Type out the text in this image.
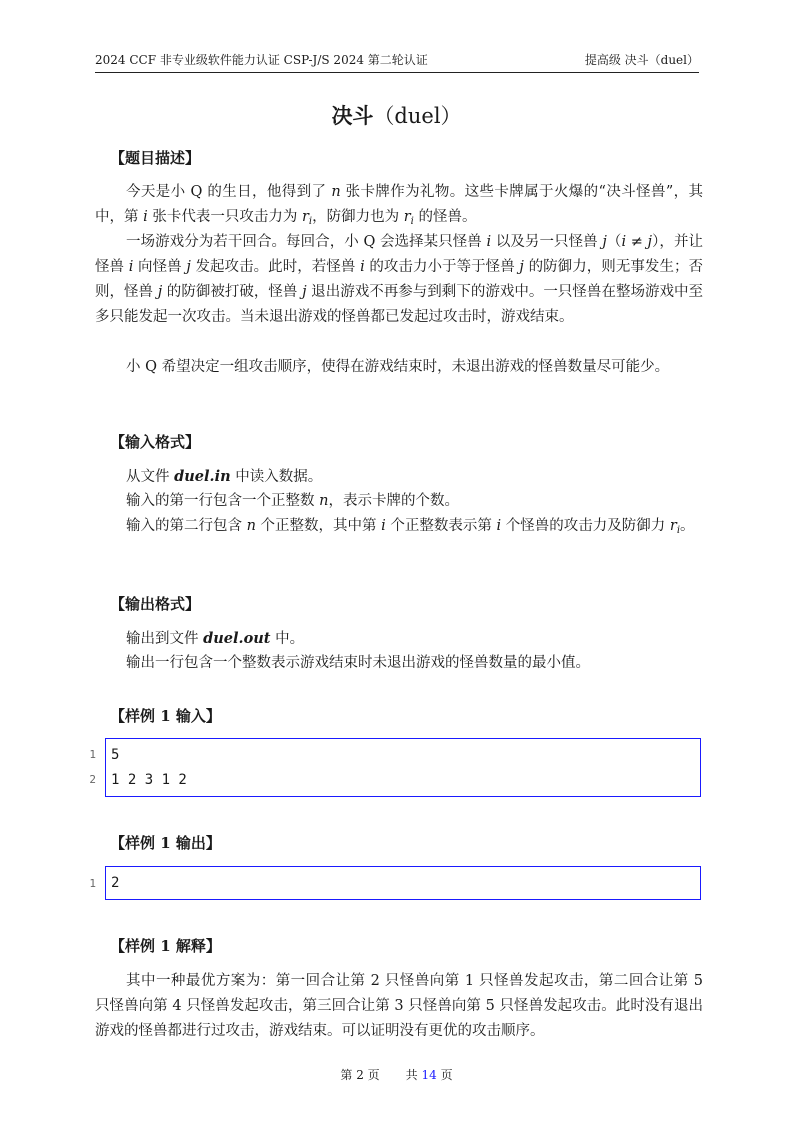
2024 CCF 非专业级软件能力认证 CSP-J/S 2024 第二轮认证	提高级 决斗（duel）
决斗（duel）
【题目描述】
今天是小 Q 的生日，他得到了 n 张卡牌作为礼物。这些卡牌属于火爆的“决斗怪兽”，其中，第 i 张卡代表一只攻击力为 $r_i$，防御力也为 $r_i$ 的怪兽。
一场游戏分为若干回合。每回合，小 Q 会选择某只怪兽 i 以及另一只怪兽 j（i ≠ j），并让怪兽 i 向怪兽 j 发起攻击。此时，若怪兽 i 的攻击力小于等于怪兽 j 的防御力，则无事发生；否则，怪兽 j 的防御被打破，怪兽 j 退出游戏不再参与到剩下的游戏中。一只怪兽在整场游戏中至多只能发起一次攻击。当未退出游戏的怪兽都已发起过攻击时，游戏结束。
小 Q 希望决定一组攻击顺序，使得在游戏结束时，未退出游戏的怪兽数量尽可能少。
【输入格式】
从文件 duel.in 中读入数据。
输入的第一行包含一个正整数 n，表示卡牌的个数。
输入的第二行包含 n 个正整数，其中第 i 个正整数表示第 i 个怪兽的攻击力及防御力 $r_i$。
【输出格式】
输出到文件 duel.out 中。
输出一行包含一个整数表示游戏结束时未退出游戏的怪兽数量的最小值。
【样例 1 输入】
1
2
5
1 2 3 1 2
【样例 1 输出】
1 2
【样例 1 解释】
其中一种最优方案为：第一回合让第 2 只怪兽向第 1 只怪兽发起攻击，第二回合让第 5 只怪兽向第 4 只怪兽发起攻击，第三回合让第 3 只怪兽向第 5 只怪兽发起攻击。此时没有退出游戏的怪兽都进行过攻击，游戏结束。可以证明没有更优的攻击顺序。
第 2 页 共 14 页
